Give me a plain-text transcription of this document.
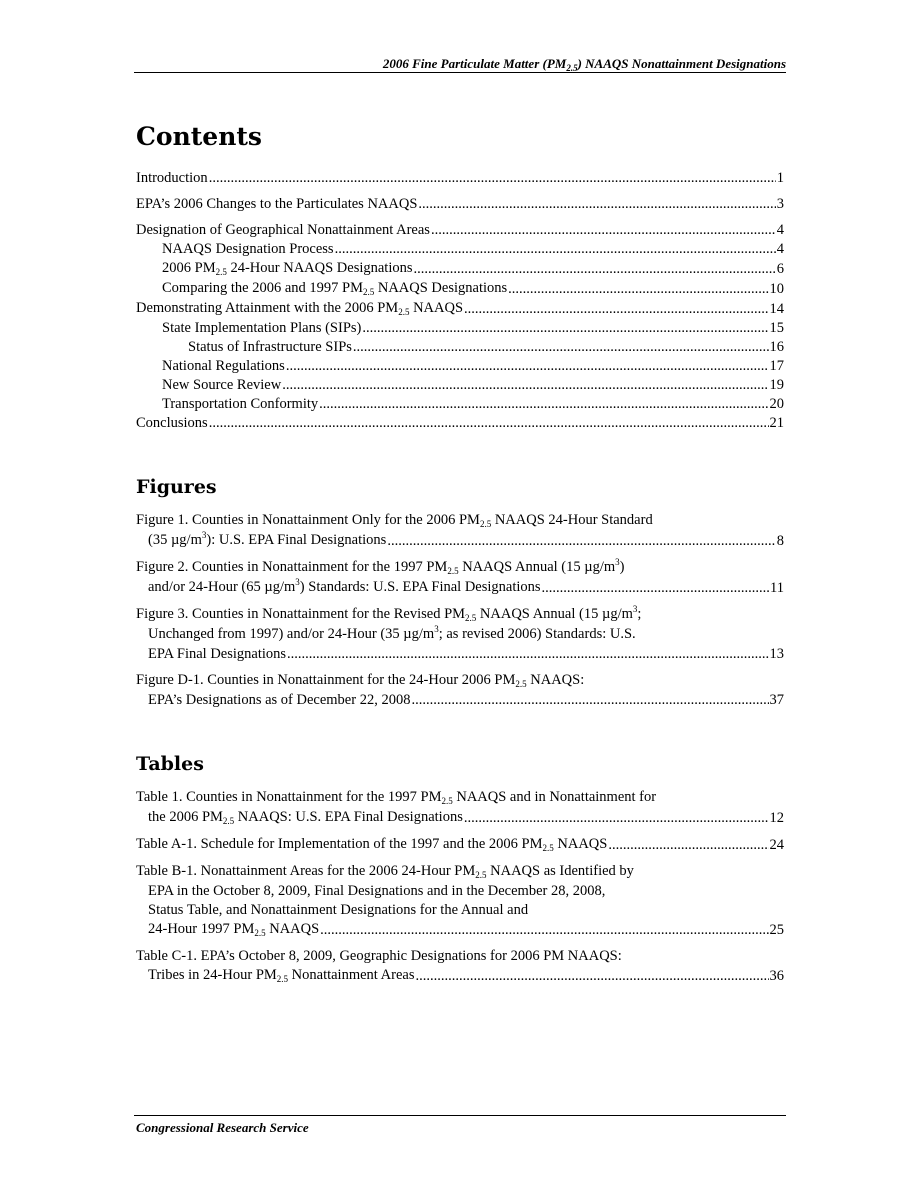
2006 Fine Particulate Matter $(PM_{2.5})$ NAAQS Nonattainment Designations
Contents
Introduction .....	1
EPA’s 2006 Changes to the Particulates NAAQS .....	3
Designation of Geographical Nonattainment Areas .....	4
NAAQS Designation Process .....	4
2006 $PM_{2.5}$ 24-Hour NAAQS Designations .....	6
Comparing the 2006 and 1997 $PM_{2.5}$ NAAQS Designations .....	10
Demonstrating Attainment with the 2006 $PM_{2.5}$ NAAQS .....	14
State Implementation Plans (SIPs) .....	15
Status of Infrastructure SIPs .....	16
National Regulations .....	17
New Source Review .....	19
Transportation Conformity .....	20
Conclusions .....	21
Figures
Figure 1. Counties in Nonattainment Only for the 2006 $PM_{2.5}$ NAAQS 24-Hour Standard
(35 $\mu g/m^3$): U.S. EPA Final Designations .....	8
Figure 2. Counties in Nonattainment for the 1997 $PM_{2.5}$ NAAQS Annual (15 $\mu g/m^3$)
and/or 24-Hour (65 $\mu g/m^3$) Standards: U.S. EPA Final Designations .....	11
Figure 3. Counties in Nonattainment for the Revised $PM_{2.5}$ NAAQS Annual (15 $\mu g/m^3$;
Unchanged from 1997) and/or 24-Hour (35 $\mu g/m^3$; as revised 2006) Standards: U.S.
EPA Final Designations .....	13
Figure D-1. Counties in Nonattainment for the 24-Hour 2006 $PM_{2.5}$ NAAQS:
EPA’s Designations as of December 22, 2008 .....	37
Tables
Table 1. Counties in Nonattainment for the 1997 $PM_{2.5}$ NAAQS and in Nonattainment for
the 2006 $PM_{2.5}$ NAAQS: U.S. EPA Final Designations .....	12
Table A-1. Schedule for Implementation of the 1997 and the 2006 $PM_{2.5}$ NAAQS .....	24
Table B-1. Nonattainment Areas for the 2006 24-Hour $PM_{2.5}$ NAAQS as Identified by
EPA in the October 8, 2009, Final Designations and in the December 28, 2008,
Status Table, and Nonattainment Designations for the Annual and
24-Hour 1997 $PM_{2.5}$ NAAQS .....	25
Table C-1. EPA’s October 8, 2009, Geographic Designations for 2006 PM NAAQS:
Tribes in 24-Hour $PM_{2.5}$ Nonattainment Areas .....	36
Congressional Research Service
